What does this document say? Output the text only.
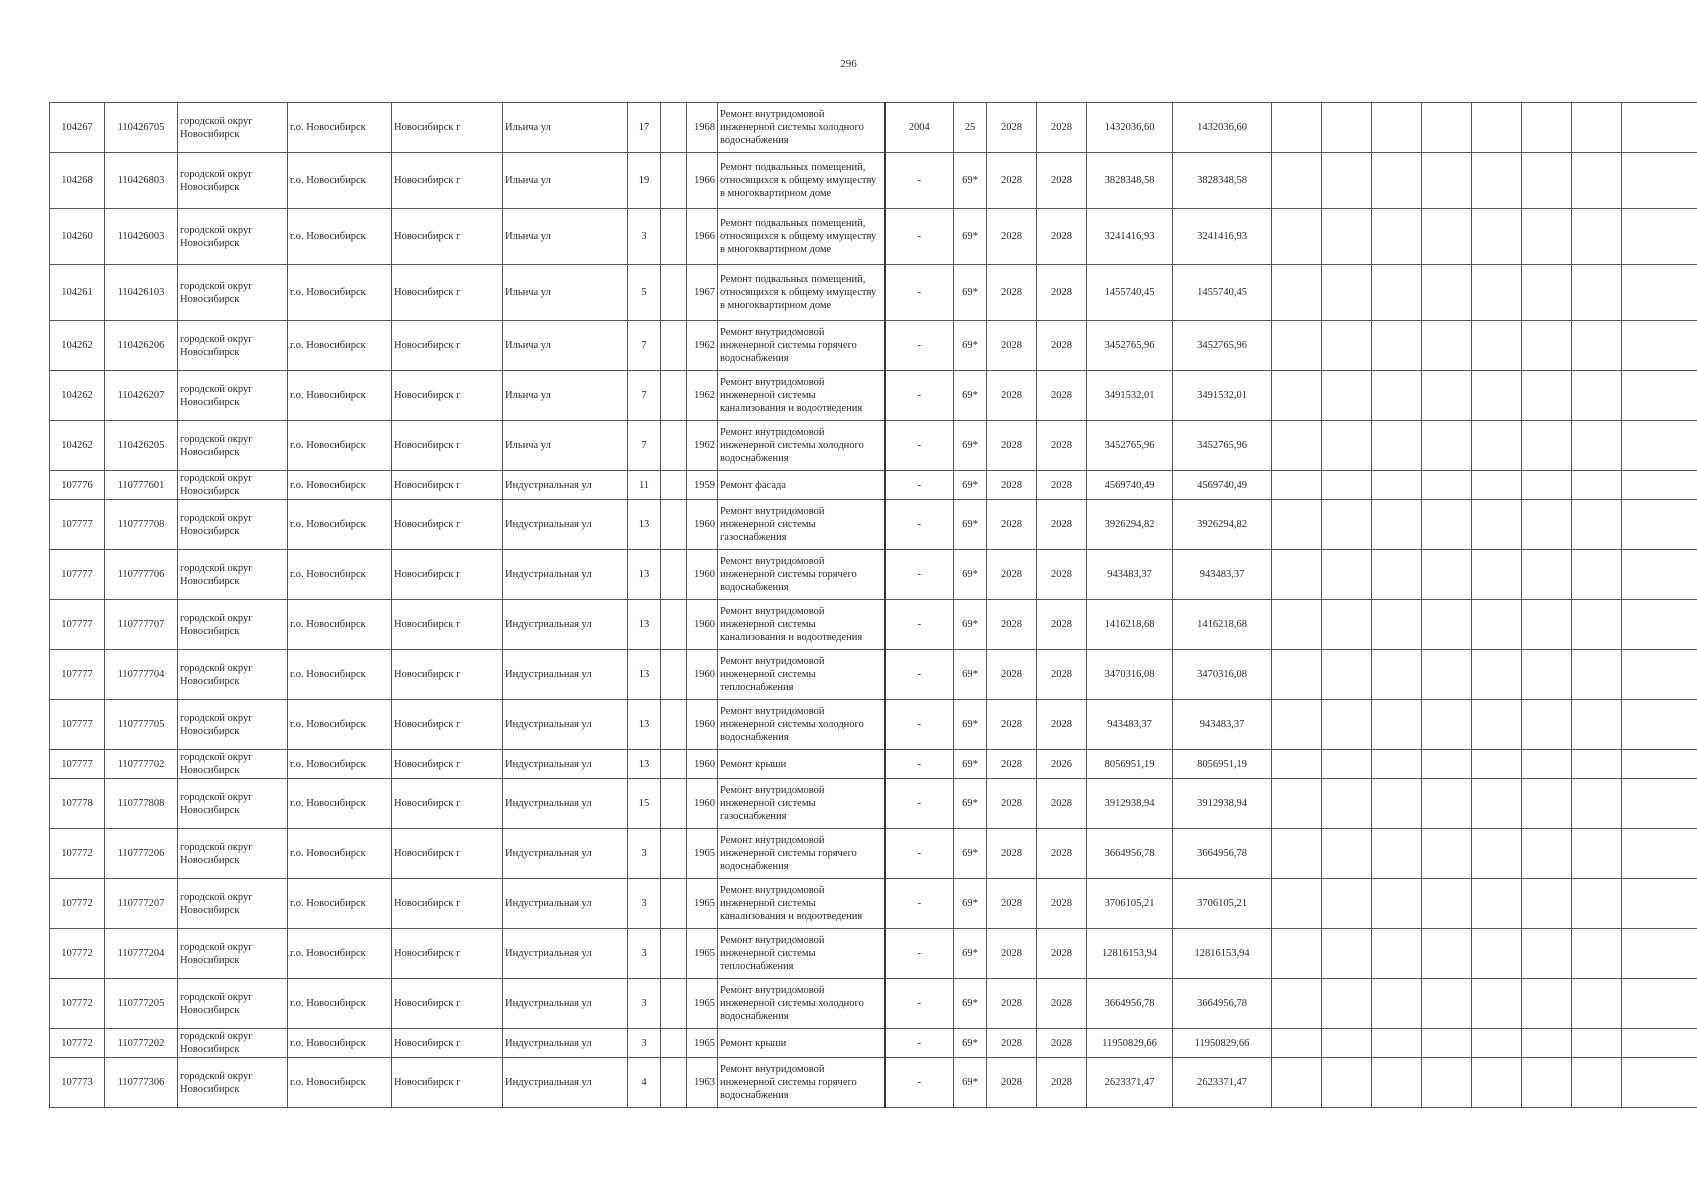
296
104267	110426705	городской округ Новосибирск	г.о. Новосибирск	Новосибирск г	Ильича ул	17		1968	Ремонт внутридомовой инженерной системы холодного водоснабжения	2004	25	2028	2028	1432036,60	1432036,60								
104268	110426803	городской округ Новосибирск	г.о. Новосибирск	Новосибирск г	Ильича ул	19		1966	Ремонт подвальных помещений, относящихся к общему имуществу в многоквартирном доме	-	69*	2028	2028	3828348,58	3828348,58								
104260	110426003	городской округ Новосибирск	г.о. Новосибирск	Новосибирск г	Ильича ул	3		1966	Ремонт подвальных помещений, относящихся к общему имуществу в многоквартирном доме	-	69*	2028	2028	3241416,93	3241416,93								
104261	110426103	городской округ Новосибирск	г.о. Новосибирск	Новосибирск г	Ильича ул	5		1967	Ремонт подвальных помещений, относящихся к общему имуществу в многоквартирном доме	-	69*	2028	2028	1455740,45	1455740,45								
104262	110426206	городской округ Новосибирск	г.о. Новосибирск	Новосибирск г	Ильича ул	7		1962	Ремонт внутридомовой инженерной системы горячего водоснабжения	-	69*	2028	2028	3452765,96	3452765,96								
104262	110426207	городской округ Новосибирск	г.о. Новосибирск	Новосибирск г	Ильича ул	7		1962	Ремонт внутридомовой инженерной системы канализования и водоотведения	-	69*	2028	2028	3491532,01	3491532,01								
104262	110426205	городской округ Новосибирск	г.о. Новосибирск	Новосибирск г	Ильича ул	7		1962	Ремонт внутридомовой инженерной системы холодного водоснабжения	-	69*	2028	2028	3452765,96	3452765,96								
107776	110777601	городской округ Новосибирск	г.о. Новосибирск	Новосибирск г	Индустриальная ул	11		1959	Ремонт фасада	-	69*	2028	2028	4569740,49	4569740,49								
107777	110777708	городской округ Новосибирск	г.о. Новосибирск	Новосибирск г	Индустриальная ул	13		1960	Ремонт внутридомовой инженерной системы газоснабжения	-	69*	2028	2028	3926294,82	3926294,82								
107777	110777706	городской округ Новосибирск	г.о. Новосибирск	Новосибирск г	Индустриальная ул	13		1960	Ремонт внутридомовой инженерной системы горячего водоснабжения	-	69*	2028	2028	943483,37	943483,37								
107777	110777707	городской округ Новосибирск	г.о. Новосибирск	Новосибирск г	Индустриальная ул	13		1960	Ремонт внутридомовой инженерной системы канализования и водоотведения	-	69*	2028	2028	1416218,68	1416218,68								
107777	110777704	городской округ Новосибирск	г.о. Новосибирск	Новосибирск г	Индустриальная ул	13		1960	Ремонт внутридомовой инженерной системы теплоснабжения	-	69*	2028	2028	3470316,08	3470316,08								
107777	110777705	городской округ Новосибирск	г.о. Новосибирск	Новосибирск г	Индустриальная ул	13		1960	Ремонт внутридомовой инженерной системы холодного водоснабжения	-	69*	2028	2028	943483,37	943483,37								
107777	110777702	городской округ Новосибирск	г.о. Новосибирск	Новосибирск г	Индустриальная ул	13		1960	Ремонт крыши	-	69*	2028	2026	8056951,19	8056951,19								
107778	110777808	городской округ Новосибирск	г.о. Новосибирск	Новосибирск г	Индустриальная ул	15		1960	Ремонт внутридомовой инженерной системы газоснабжения	-	69*	2028	2028	3912938,94	3912938,94								
107772	110777206	городской округ Новосибирск	г.о. Новосибирск	Новосибирск г	Индустриальная ул	3		1965	Ремонт внутридомовой инженерной системы горячего водоснабжения	-	69*	2028	2028	3664956,78	3664956,78								
107772	110777207	городской округ Новосибирск	г.о. Новосибирск	Новосибирск г	Индустриальная ул	3		1965	Ремонт внутридомовой инженерной системы канализования и водоотведения	-	69*	2028	2028	3706105,21	3706105,21								
107772	110777204	городской округ Новосибирск	г.о. Новосибирск	Новосибирск г	Индустриальная ул	3		1965	Ремонт внутридомовой инженерной системы теплоснабжения	-	69*	2028	2028	12816153,94	12816153,94								
107772	110777205	городской округ Новосибирск	г.о. Новосибирск	Новосибирск г	Индустриальная ул	3		1965	Ремонт внутридомовой инженерной системы холодного водоснабжения	-	69*	2028	2028	3664956,78	3664956,78								
107772	110777202	городской округ Новосибирск	г.о. Новосибирск	Новосибирск г	Индустриальная ул	3		1965	Ремонт крыши	-	69*	2028	2028	11950829,66	11950829,66								
107773	110777306	городской округ Новосибирск	г.о. Новосибирск	Новосибирск г	Индустриальная ул	4		1963	Ремонт внутридомовой инженерной системы горячего водоснабжения	-	69*	2028	2028	2623371,47	2623371,47								
